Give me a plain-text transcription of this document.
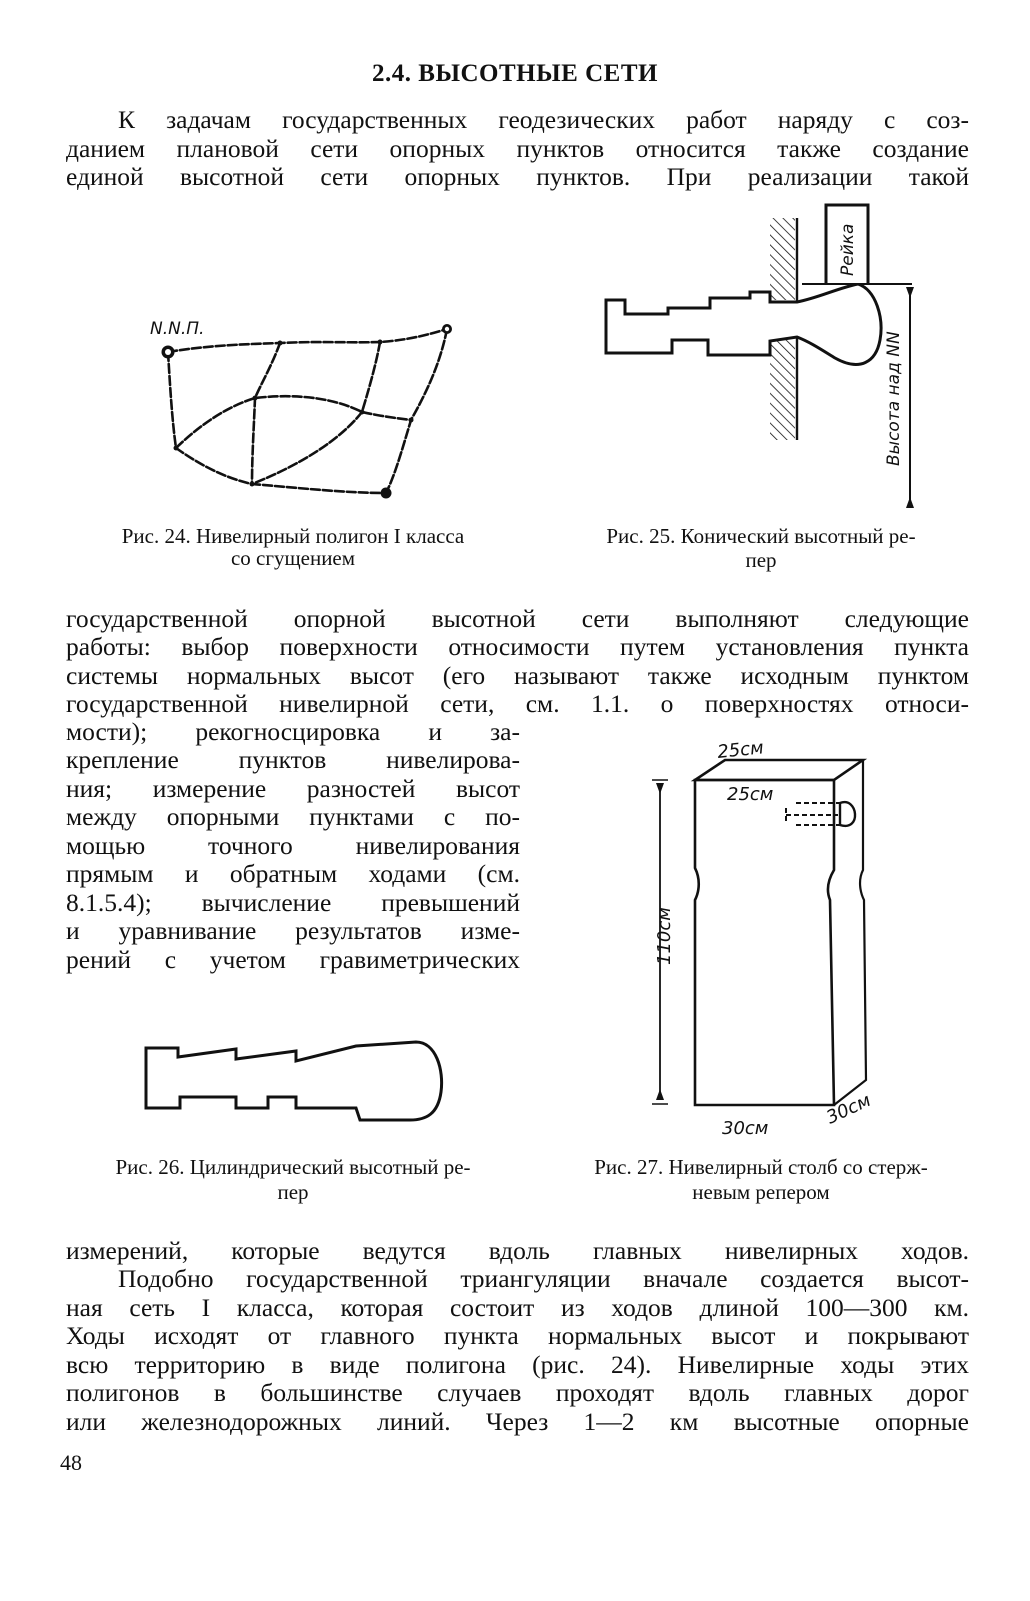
2.4. ВЫСОТНЫЕ СЕТИ
К задачам государственных геодезических работ наряду с соз-
данием плановой сети опорных пунктов относится также создание
единой высотной сети опорных пунктов. При реализации такой
N.N.П.
Рейка
Высота над NN
25см
25см
110см
30см	30см
Рис. 24. Нивелирный полигон I класса
со сгущением
Рис. 25. Конический высотный ре-
пер
государственной опорной высотной сети выполняют следующие
работы: выбор поверхности относимости путем установления пункта
системы нормальных высот (его называют также исходным пунктом
государственной нивелирной сети, см. 1.1. о поверхностях относи-
мости); рекогносцировка и за-
крепление пунктов нивелирова-
ния; измерение разностей высот
между опорными пунктами с по-
мощью точного нивелирования
прямым и обратным ходами (см.
8.1.5.4); вычисление превышений
и уравнивание результатов изме-
рений с учетом гравиметрических
Рис. 26. Цилиндрический высотный ре-
пер
Рис. 27. Нивелирный столб со стерж-
невым репером
измерений, которые ведутся вдоль главных нивелирных ходов.
Подобно государственной триангуляции вначале создается высот-
ная сеть I класса, которая состоит из ходов длиной 100—300 км.
Ходы исходят от главного пункта нормальных высот и покрывают
всю территорию в виде полигона (рис. 24). Нивелирные ходы этих
полигонов в большинстве случаев проходят вдоль главных дорог
или железнодорожных линий. Через 1—2 км высотные опорные
48
